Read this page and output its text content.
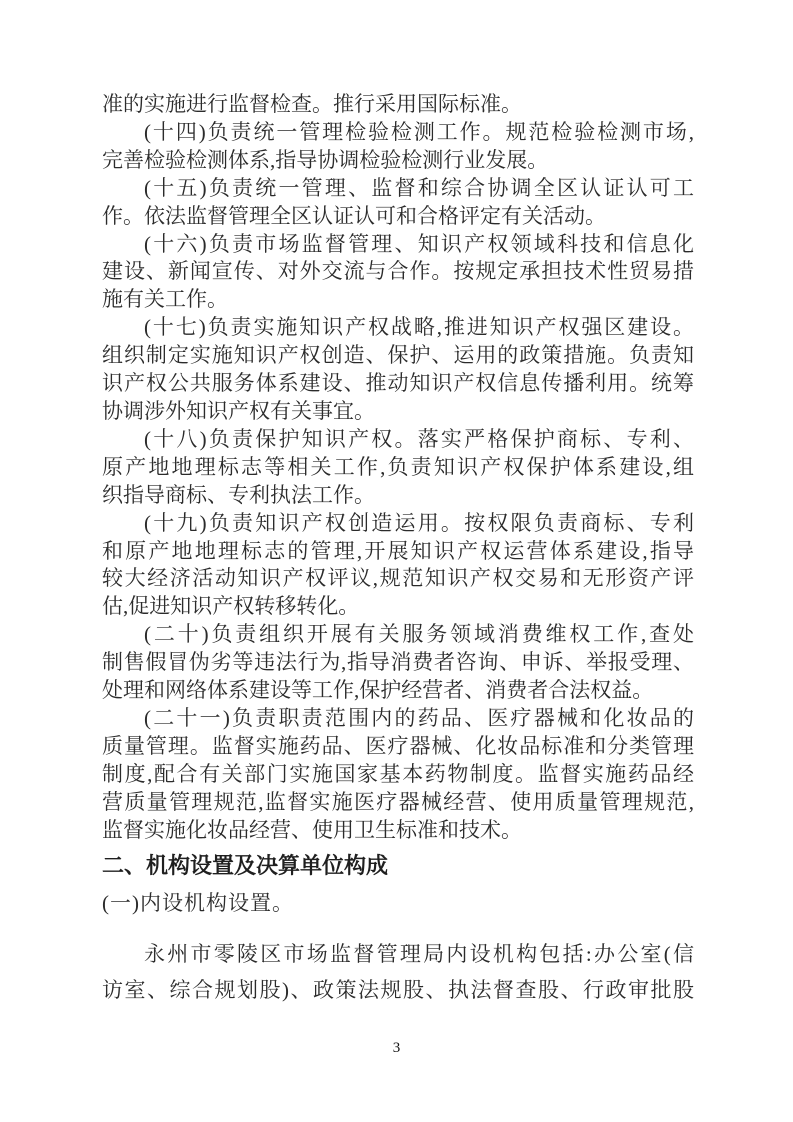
准的实施进行监督检查。推行采用国际标准。
(十四)负责统一管理检验检测工作。规范检验检测市场,
完善检验检测体系,指导协调检验检测行业发展。
(十五)负责统一管理、监督和综合协调全区认证认可工
作。依法监督管理全区认证认可和合格评定有关活动。
(十六)负责市场监督管理、知识产权领域科技和信息化
建设、新闻宣传、对外交流与合作。按规定承担技术性贸易措
施有关工作。
(十七)负责实施知识产权战略,推进知识产权强区建设。
组织制定实施知识产权创造、保护、运用的政策措施。负责知
识产权公共服务体系建设、推动知识产权信息传播利用。统筹
协调涉外知识产权有关事宜。
(十八)负责保护知识产权。落实严格保护商标、专利、
原产地地理标志等相关工作,负责知识产权保护体系建设,组
织指导商标、专利执法工作。
(十九)负责知识产权创造运用。按权限负责商标、专利
和原产地地理标志的管理,开展知识产权运营体系建设,指导
较大经济活动知识产权评议,规范知识产权交易和无形资产评
估,促进知识产权转移转化。
(二十)负责组织开展有关服务领域消费维权工作,查处
制售假冒伪劣等违法行为,指导消费者咨询、申诉、举报受理、
处理和网络体系建设等工作,保护经营者、消费者合法权益。
(二十一)负责职责范围内的药品、医疗器械和化妆品的
质量管理。监督实施药品、医疗器械、化妆品标准和分类管理
制度,配合有关部门实施国家基本药物制度。监督实施药品经
营质量管理规范,监督实施医疗器械经营、使用质量管理规范,
监督实施化妆品经营、使用卫生标准和技术。
二、机构设置及决算单位构成
(一)内设机构设置。
永州市零陵区市场监督管理局内设机构包括:办公室(信
访室、综合规划股)、政策法规股、执法督查股、行政审批股
3
